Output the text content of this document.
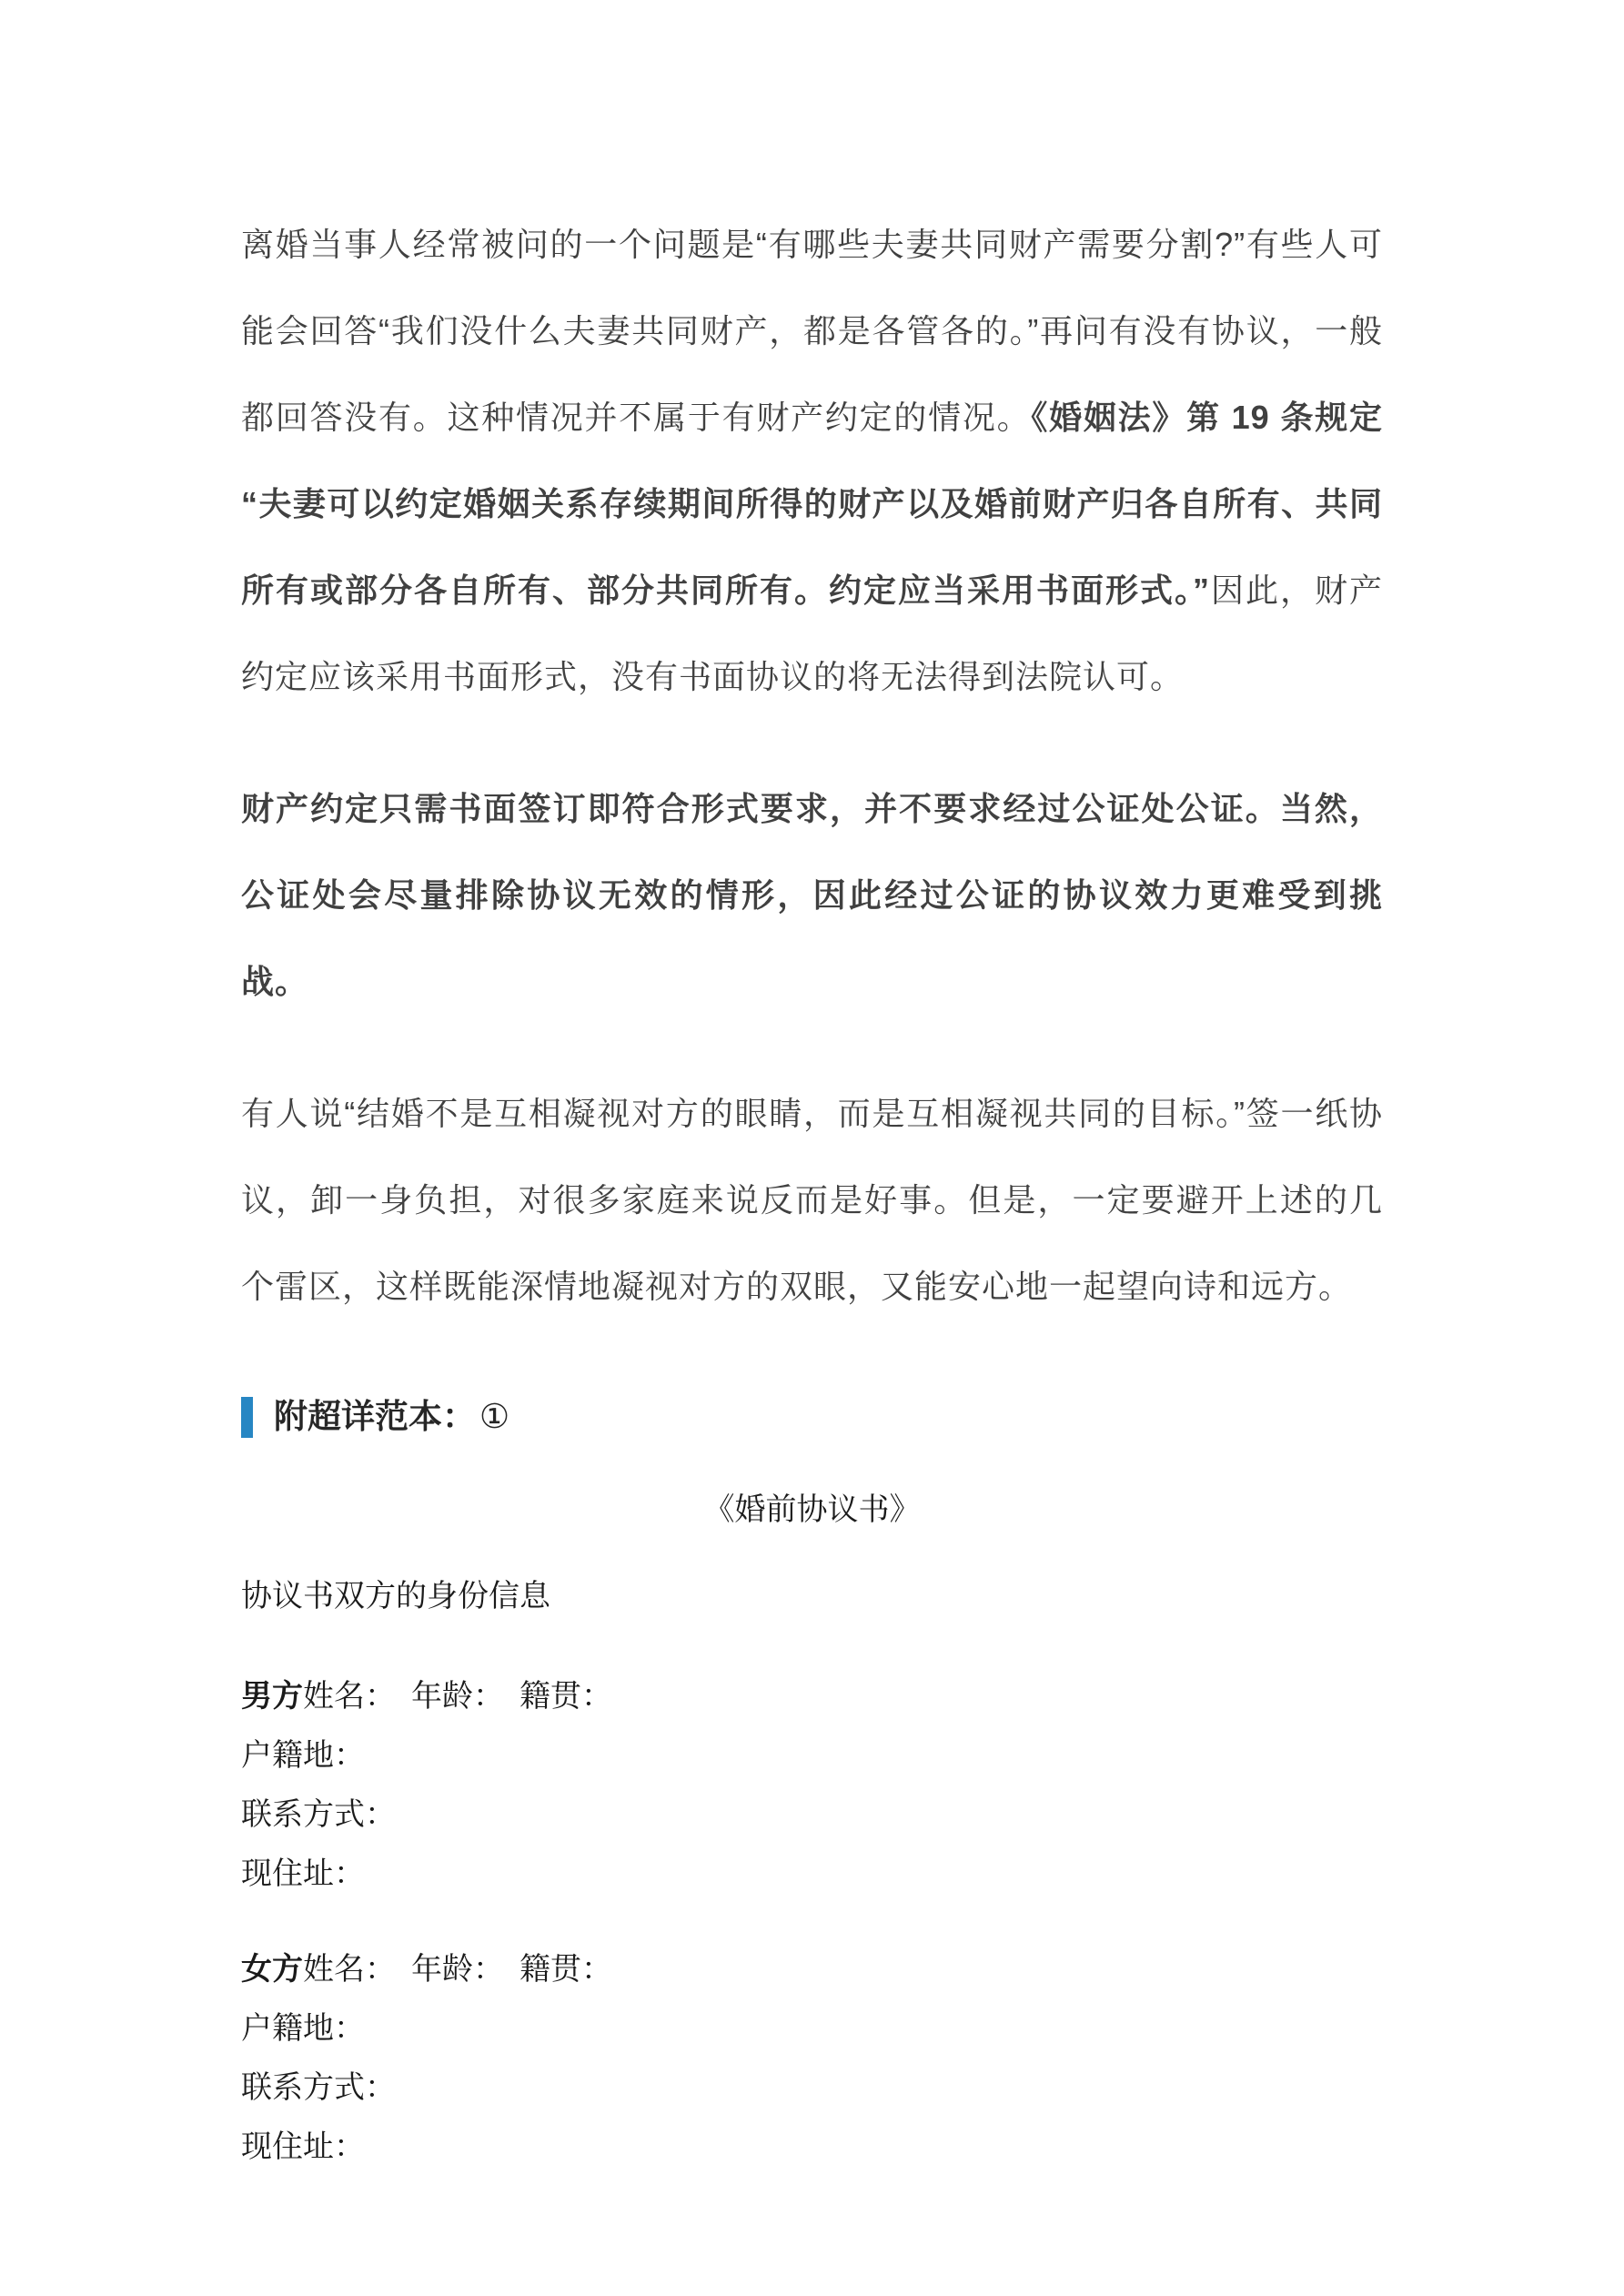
离婚当事人经常被问的一个问题是“有哪些夫妻共同财产需要分割?”有些人可能会回答“我们没什么夫妻共同财产，都是各管各的。”再问有没有协议，一般都回答没有。这种情况并不属于有财产约定的情况。《婚姻法》第 19 条规定“夫妻可以约定婚姻关系存续期间所得的财产以及婚前财产归各自所有、共同所有或部分各自所有、部分共同所有。约定应当采用书面形式。”因此，财产约定应该采用书面形式，没有书面协议的将无法得到法院认可。

财产约定只需书面签订即符合形式要求，并不要求经过公证处公证。当然，公证处会尽量排除协议无效的情形，因此经过公证的协议效力更难受到挑战。

有人说“结婚不是互相凝视对方的眼睛，而是互相凝视共同的目标。”签一纸协议，卸一身负担，对很多家庭来说反而是好事。但是，一定要避开上述的几个雷区，这样既能深情地凝视对方的双眼，又能安心地一起望向诗和远方。

附超详范本： ①

《婚前协议书》

协议书双方的身份信息

男方姓名：　年龄：　籍贯：

户籍地：

联系方式：

现住址：

女方姓名：　年龄：　籍贯：

户籍地：

联系方式：

现住址：
